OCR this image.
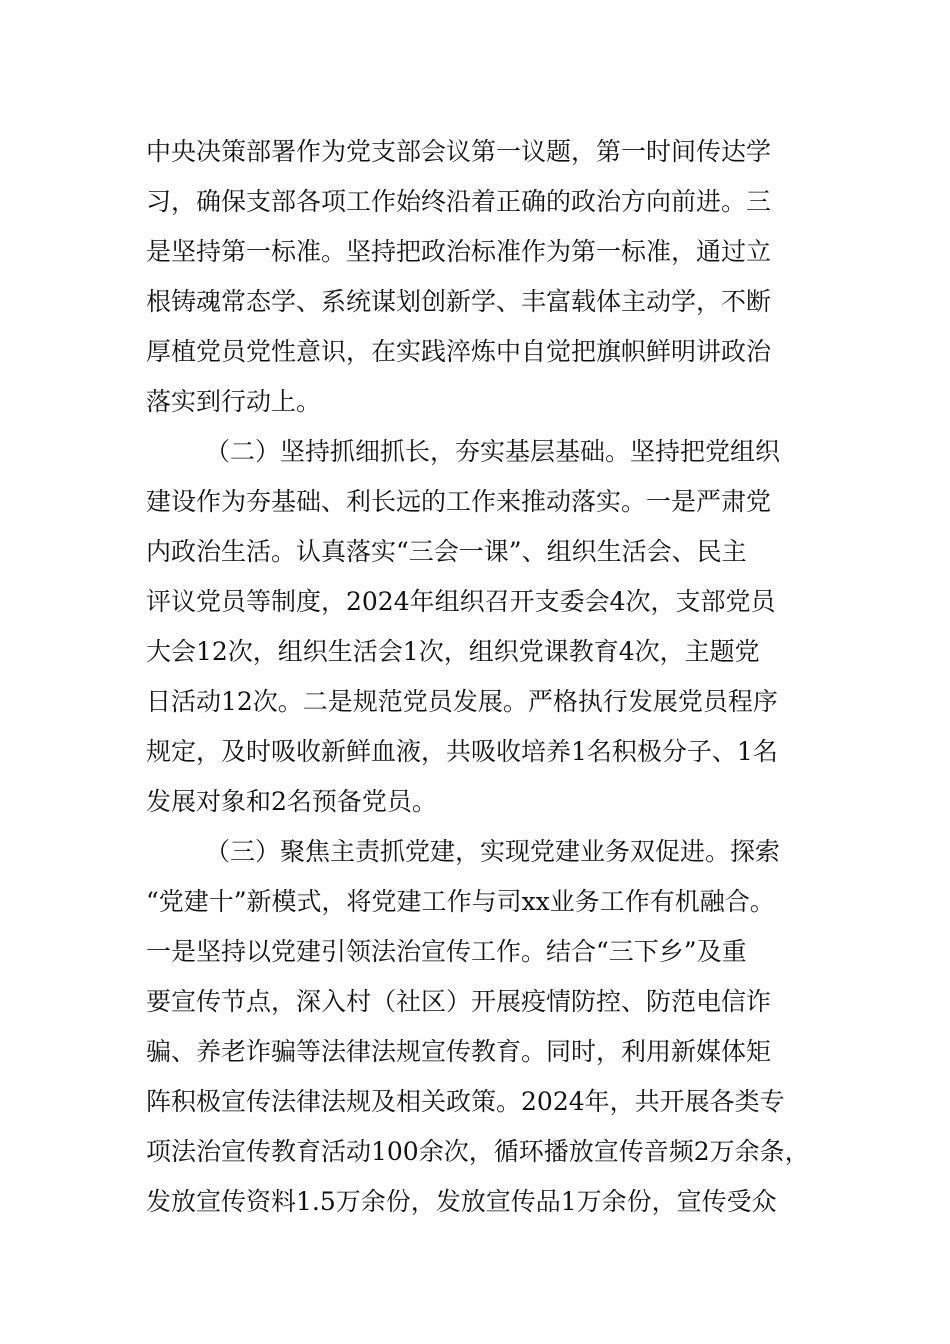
中央决策部署作为党支部会议第一议题，第一时间传达学
习，确保支部各项工作始终沿着正确的政治方向前进。三
是坚持第一标准。坚持把政治标准作为第一标准，通过立
根铸魂常态学、系统谋划创新学、丰富载体主动学，不断
厚植党员党性意识，在实践淬炼中自觉把旗帜鲜明讲政治
落实到行动上。
（二）坚持抓细抓长，夯实基层基础。坚持把党组织
建设作为夯基础、利长远的工作来推动落实。一是严肃党
内政治生活。认真落实“三会一课”、组织生活会、民主
评议党员等制度，2024年组织召开支委会4次，支部党员
大会12次，组织生活会1次，组织党课教育4次，主题党
日活动12次。二是规范党员发展。严格执行发展党员程序
规定，及时吸收新鲜血液，共吸收培养1名积极分子、1名
发展对象和2名预备党员。
（三）聚焦主责抓党建，实现党建业务双促进。探索
“党建十”新模式，将党建工作与司xx业务工作有机融合。
一是坚持以党建引领法治宣传工作。结合“三下乡”及重
要宣传节点，深入村（社区）开展疫情防控、防范电信诈
骗、养老诈骗等法律法规宣传教育。同时，利用新媒体矩
阵积极宣传法律法规及相关政策。2024年，共开展各类专
项法治宣传教育活动100余次，循环播放宣传音频2万余条，
发放宣传资料1.5万余份，发放宣传品1万余份，宣传受众
